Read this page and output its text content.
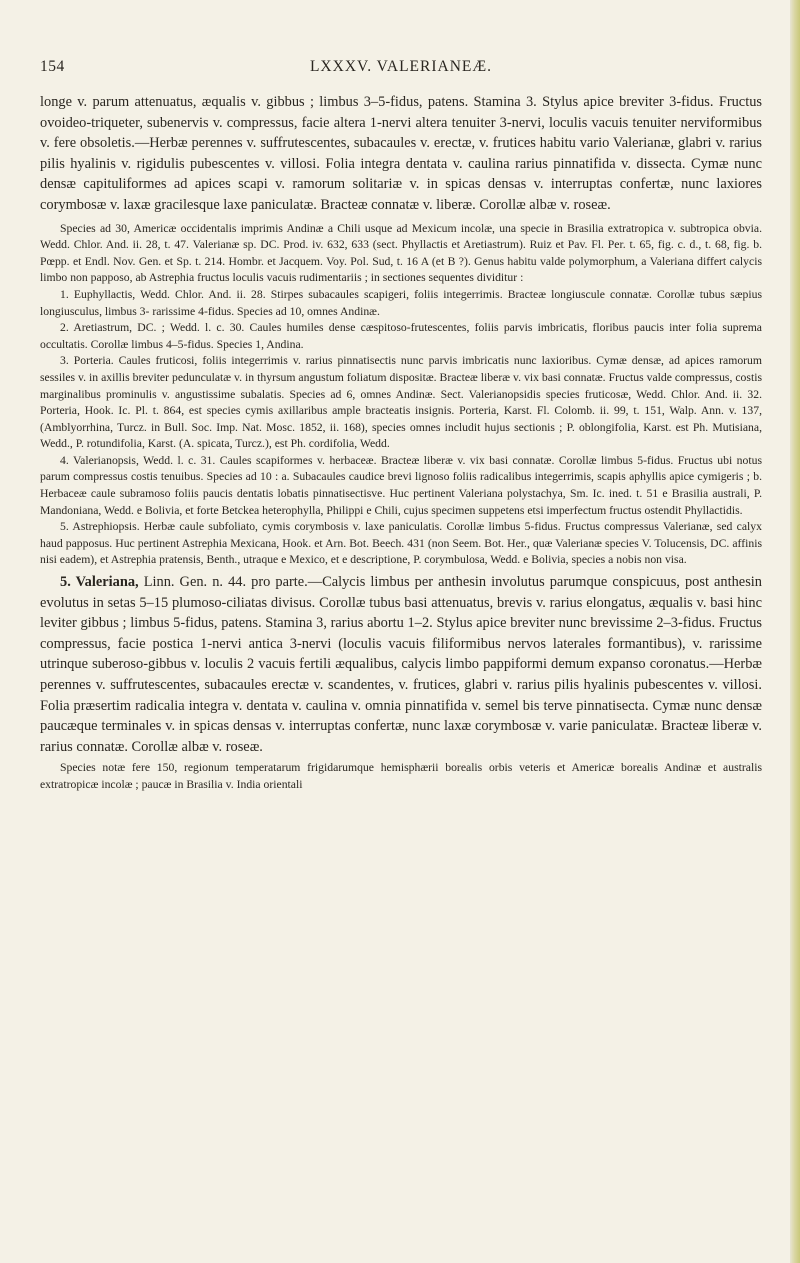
154	LXXXV. VALERIANEÆ.

longe v. parum attenuatus, æqualis v. gibbus ; limbus 3–5-fidus, patens. Stamina 3. Stylus apice breviter 3-fidus. Fructus ovoideo-triqueter, subenervis v. compressus, facie altera 1-nervi altera tenuiter 3-nervi, loculis vacuis tenuiter nerviformibus v. fere obsoletis.—Herbæ perennes v. suffrutescentes, subacaules v. erectæ, v. frutices habitu vario Valerianæ, glabri v. rarius pilis hyalinis v. rigidulis pubescentes v. villosi. Folia integra dentata v. caulina rarius pinnatifida v. dissecta. Cymæ nunc densæ capituliformes ad apices scapi v. ramorum solitariæ v. in spicas densas v. interruptas confertæ, nunc laxiores corymbosæ v. laxæ gracilesque laxe paniculatæ. Bracteæ connatæ v. liberæ. Corollæ albæ v. roseæ.

Species ad 30, Americæ occidentalis imprimis Andinæ a Chili usque ad Mexicum incolæ, una specie in Brasilia extratropica v. subtropica obvia. Wedd. Chlor. And. ii. 28, t. 47. Valerianæ sp. DC. Prod. iv. 632, 633 (sect. Phyllactis et Aretiastrum). Ruiz et Pav. Fl. Per. t. 65, fig. c. d., t. 68, fig. b. Pœpp. et Endl. Nov. Gen. et Sp. t. 214. Hombr. et Jacquem. Voy. Pol. Sud, t. 16 A (et B ?). Genus habitu valde polymorphum, a Valeriana differt calycis limbo non papposo, ab Astrephia fructus loculis vacuis rudimentariis ; in sectiones sequentes dividitur :

1. Euphyllactis, Wedd. Chlor. And. ii. 28. Stirpes subacaules scapigeri, foliis integerrimis. Bracteæ longiuscule connatæ. Corollæ tubus sæpius longiusculus, limbus 3- rarissime 4-fidus. Species ad 10, omnes Andinæ.

2. Aretiastrum, DC. ; Wedd. l. c. 30. Caules humiles dense cæspitoso-frutescentes, foliis parvis imbricatis, floribus paucis inter folia suprema occultatis. Corollæ limbus 4–5-fidus. Species 1, Andina.

3. Porteria. Caules fruticosi, foliis integerrimis v. rarius pinnatisectis nunc parvis imbricatis nunc laxioribus. Cymæ densæ, ad apices ramorum sessiles v. in axillis breviter pedunculatæ v. in thyrsum angustum foliatum dispositæ. Bracteæ liberæ v. vix basi connatæ. Fructus valde compressus, costis marginalibus prominulis v. angustissime subalatis. Species ad 6, omnes Andinæ. Sect. Valerianopsidis species fruticosæ, Wedd. Chlor. And. ii. 32. Porteria, Hook. Ic. Pl. t. 864, est species cymis axillaribus ample bracteatis insignis. Porteria, Karst. Fl. Colomb. ii. 99, t. 151, Walp. Ann. v. 137, (Amblyorrhina, Turcz. in Bull. Soc. Imp. Nat. Mosc. 1852, ii. 168), species omnes includit hujus sectionis ; P. oblongifolia, Karst. est Ph. Mutisiana, Wedd., P. rotundifolia, Karst. (A. spicata, Turcz.), est Ph. cordifolia, Wedd.

4. Valerianopsis, Wedd. l. c. 31. Caules scapiformes v. herbaceæ. Bracteæ liberæ v. vix basi connatæ. Corollæ limbus 5-fidus. Fructus ubi notus parum compressus costis tenuibus. Species ad 10 : a. Subacaules caudice brevi lignoso foliis radicalibus integerrimis, scapis aphyllis apice cymigeris ; b. Herbaceæ caule subramoso foliis paucis dentatis lobatis pinnatisectisve. Huc pertinent Valeriana polystachya, Sm. Ic. ined. t. 51 e Brasilia australi, P. Mandoniana, Wedd. e Bolivia, et forte Betckea heterophylla, Philippi e Chili, cujus specimen suppetens etsi imperfectum fructus ostendit Phyllactidis.

5. Astrephiopsis. Herbæ caule subfoliato, cymis corymbosis v. laxe paniculatis. Corollæ limbus 5-fidus. Fructus compressus Valerianæ, sed calyx haud papposus. Huc pertinent Astrephia Mexicana, Hook. et Arn. Bot. Beech. 431 (non Seem. Bot. Her., quæ Valerianæ species V. Tolucensis, DC. affinis nisi eadem), et Astrephia pratensis, Benth., utraque e Mexico, et e descriptione, P. corymbulosa, Wedd. e Bolivia, species a nobis non visa.

5. Valeriana, Linn. Gen. n. 44. pro parte.—Calycis limbus per anthesin involutus parumque conspicuus, post anthesin evolutus in setas 5–15 plumoso-ciliatas divisus. Corollæ tubus basi attenuatus, brevis v. rarius elongatus, æqualis v. basi hinc leviter gibbus ; limbus 5-fidus, patens. Stamina 3, rarius abortu 1–2. Stylus apice breviter nunc brevissime 2–3-fidus. Fructus compressus, facie postica 1-nervi antica 3-nervi (loculis vacuis filiformibus nervos laterales formantibus), v. rarissime utrinque suberoso-gibbus v. loculis 2 vacuis fertili æqualibus, calycis limbo pappiformi demum expanso coronatus.—Herbæ perennes v. suffrutescentes, subacaules erectæ v. scandentes, v. frutices, glabri v. rarius pilis hyalinis pubescentes v. villosi. Folia præsertim radicalia integra v. dentata v. caulina v. omnia pinnatifida v. semel bis terve pinnatisecta. Cymæ nunc densæ paucæque terminales v. in spicas densas v. interruptas confertæ, nunc laxæ corymbosæ v. varie paniculatæ. Bracteæ liberæ v. rarius connatæ. Corollæ albæ v. roseæ.

Species notæ fere 150, regionum temperatarum frigidarumque hemisphærii borealis orbis veteris et Americæ borealis Andinæ et australis extratropicæ incolæ ; paucæ in Brasilia v. India orientali
